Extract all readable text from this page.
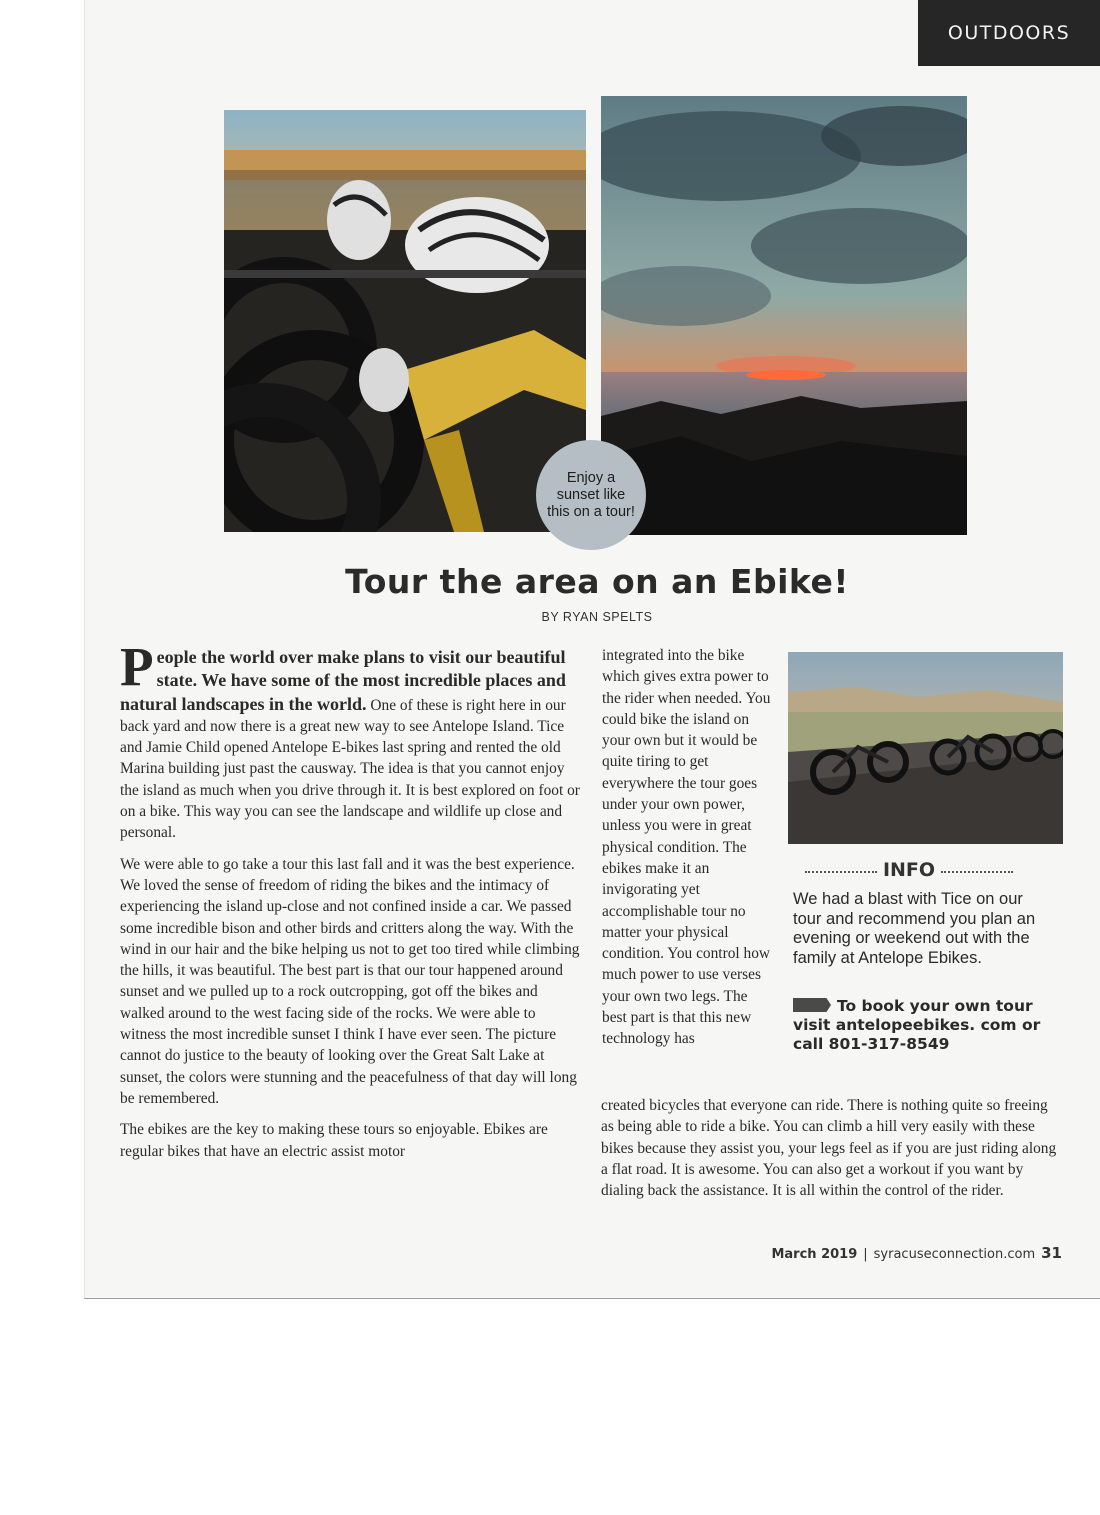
OUTDOORS
Enjoy a sunset like this on a tour!
Tour the area on an Ebike!
BY RYAN SPELTS

People the world over make plans to visit our beautiful state. We have some of the most incredible places and natural landscapes in the world. One of these is right here in our back yard and now there is a great new way to see Antelope Island. Tice and Jamie Child opened Antelope E-bikes last spring and rented the old Marina building just past the causway. The idea is that you cannot enjoy the island as much when you drive through it. It is best explored on foot or on a bike. This way you can see the landscape and wildlife up close and personal.

We were able to go take a tour this last fall and it was the best experience. We loved the sense of freedom of riding the bikes and the intimacy of experiencing the island up-close and not confined inside a car. We passed some incredible bison and other birds and critters along the way. With the wind in our hair and the bike helping us not to get too tired while climbing the hills, it was beautiful. The best part is that our tour happened around sunset and we pulled up to a rock outcropping, got off the bikes and walked around to the west facing side of the rocks. We were able to witness the most incredible sunset I think I have ever seen. The picture cannot do justice to the beauty of looking over the Great Salt Lake at sunset, the colors were stunning and the peacefulness of that day will long be remembered.

The ebikes are the key to making these tours so enjoyable. Ebikes are regular bikes that have an electric assist motor

integrated into the bike which gives extra power to the rider when needed. You could bike the island on your own but it would be quite tiring to get everywhere the tour goes under your own power, unless you were in great physical condition. The ebikes make it an invigorating yet accomplishable tour no matter your physical condition. You control how much power to use verses your own two legs. The best part is that this new technology has

created bicycles that everyone can ride. There is nothing quite so freeing as being able to ride a bike. You can climb a hill very easily with these bikes because they assist you, your legs feel as if you are just riding along a flat road. It is awesome. You can also get a workout if you want by dialing back the assistance. It is all within the control of the rider.

INFO
We had a blast with Tice on our tour and recommend you plan an evening or weekend out with the family at Antelope Ebikes.
To book your own tour visit antelopeebikes. com or call 801-317-8549
March 2019 | syracuseconnection.com 31
